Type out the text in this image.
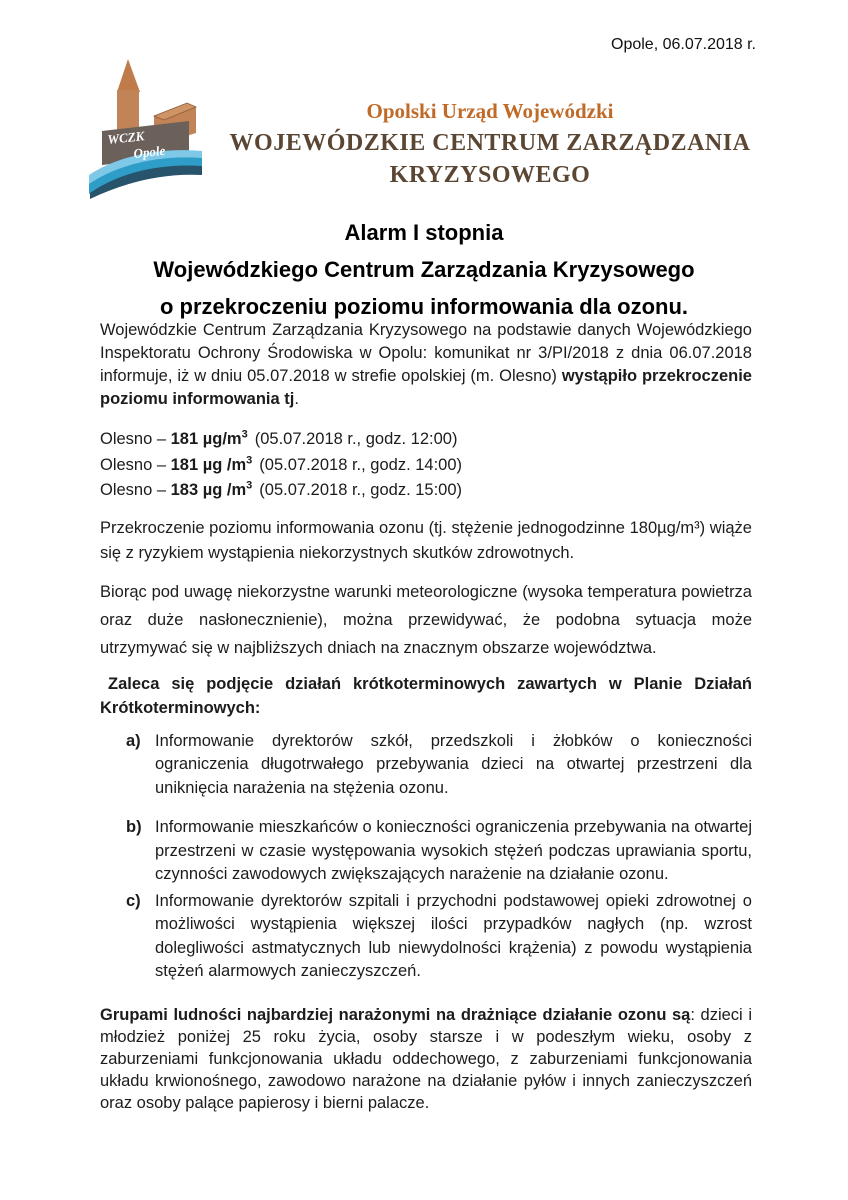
Opole, 06.07.2018 r.
WCZK
Opole
Opolski Urząd Wojewódzki
WOJEWÓDZKIE CENTRUM ZARZĄDZANIA
KRYZYSOWEGO
Alarm I stopnia
Wojewódzkiego Centrum Zarządzania Kryzysowego
o przekroczeniu poziomu informowania dla ozonu.
Wojewódzkie Centrum Zarządzania Kryzysowego na podstawie danych Wojewódzkiego Inspektoratu Ochrony Środowiska w Opolu: komunikat nr 3/PI/2018 z dnia 06.07.2018 informuje, iż w dniu 05.07.2018 w strefie opolskiej (m. Olesno) wystąpiło przekroczenie poziomu informowania tj.
Olesno – 181 $\mu g/m^3$ (05.07.2018 r., godz. 12:00)
Olesno – 181 µg $/m^3$ (05.07.2018 r., godz. 14:00)
Olesno – 183 µg $/m^3$ (05.07.2018 r., godz. 15:00)
Przekroczenie poziomu informowania ozonu (tj. stężenie jednogodzinne 180µg/m³) wiąże się z ryzykiem wystąpienia niekorzystnych skutków zdrowotnych.
Biorąc pod uwagę niekorzystne warunki meteorologiczne (wysoka temperatura powietrza oraz duże nasłonecznienie), można przewidywać, że podobna sytuacja może utrzymywać się w najbliższych dniach na znacznym obszarze województwa.
Zaleca się podjęcie działań krótkoterminowych zawartych w Planie Działań Krótkoterminowych:
a) Informowanie dyrektorów szkół, przedszkoli i żłobków o konieczności ograniczenia długotrwałego przebywania dzieci na otwartej przestrzeni dla uniknięcia narażenia na stężenia ozonu.
b) Informowanie mieszkańców o konieczności ograniczenia przebywania na otwartej przestrzeni w czasie występowania wysokich stężeń podczas uprawiania sportu, czynności zawodowych zwiększających narażenie na działanie ozonu.
c) Informowanie dyrektorów szpitali i przychodni podstawowej opieki zdrowotnej o możliwości wystąpienia większej ilości przypadków nagłych (np. wzrost dolegliwości astmatycznych lub niewydolności krążenia) z powodu wystąpienia stężeń alarmowych zanieczyszczeń.
Grupami ludności najbardziej narażonymi na drażniące działanie ozonu są: dzieci i młodzież poniżej 25 roku życia, osoby starsze i w podeszłym wieku, osoby z zaburzeniami funkcjonowania układu oddechowego, z zaburzeniami funkcjonowania układu krwionośnego, zawodowo narażone na działanie pyłów i innych zanieczyszczeń oraz osoby palące papierosy i bierni palacze.
